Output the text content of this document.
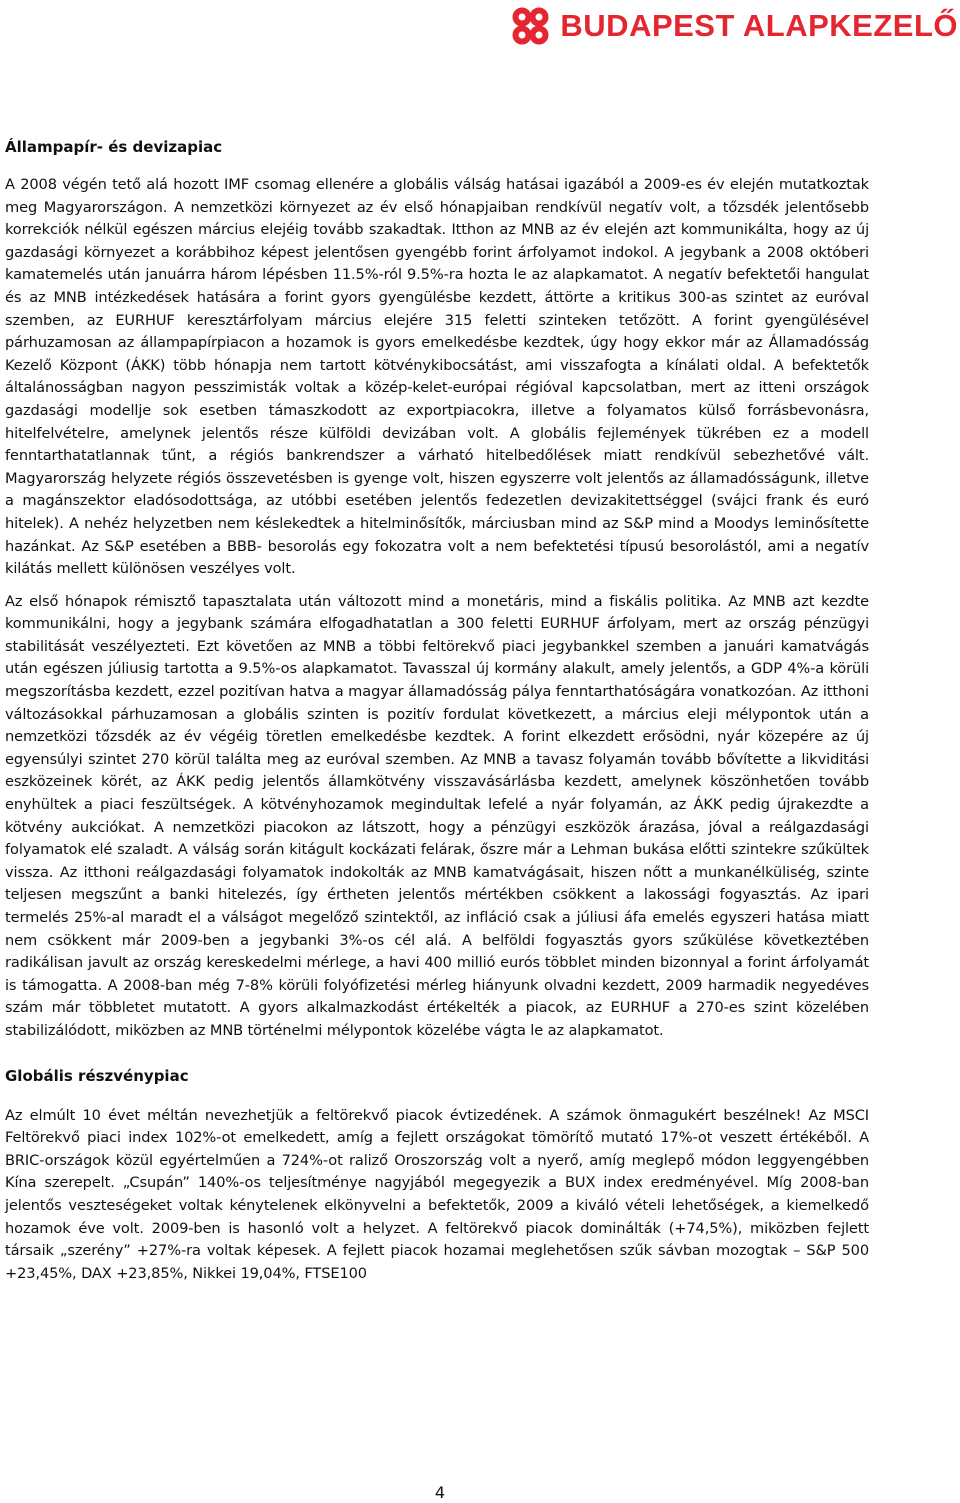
BUDAPEST ALAPKEZELŐ
Állampapír- és devizapiac

A 2008 végén tető alá hozott IMF csomag ellenére a globális válság hatásai igazából a 2009-es év elején mutatkoztak meg Magyarországon. A nemzetközi környezet az év első hónapjaiban rendkívül negatív volt, a tőzsdék jelentősebb korrekciók nélkül egészen március elejéig tovább szakadtak. Itthon az MNB az év elején azt kommunikálta, hogy az új gazdasági környezet a korábbihoz képest jelentősen gyengébb forint árfolyamot indokol. A jegybank a 2008 októberi kamatemelés után januárra három lépésben 11.5%-ról 9.5%-ra hozta le az alapkamatot. A negatív befektetői hangulat és az MNB intézkedések hatására a forint gyors gyengülésbe kezdett, áttörte a kritikus 300-as szintet az euróval szemben, az EURHUF keresztárfolyam március elejére 315 feletti szinteken tetőzött. A forint gyengülésével párhuzamosan az állampapírpiacon a hozamok is gyors emelkedésbe kezdtek, úgy hogy ekkor már az Államadósság Kezelő Központ (ÁKK) több hónapja nem tartott kötvénykibocsátást, ami visszafogta a kínálati oldal. A befektetők általánosságban nagyon pesszimisták voltak a közép-kelet-európai régióval kapcsolatban, mert az itteni országok gazdasági modellje sok esetben támaszkodott az exportpiacokra, illetve a folyamatos külső forrásbevonásra, hitelfelvételre, amelynek jelentős része külföldi devizában volt. A globális fejlemények tükrében ez a modell fenntarthatatlannak tűnt, a régiós bankrendszer a várható hitelbedőlések miatt rendkívül sebezhetővé vált. Magyarország helyzete régiós összevetésben is gyenge volt, hiszen egyszerre volt jelentős az államadósságunk, illetve a magánszektor eladósodottsága, az utóbbi esetében jelentős fedezetlen devizakitettséggel (svájci frank és euró hitelek). A nehéz helyzetben nem késlekedtek a hitelminősítők, márciusban mind az S&P mind a Moodys leminősítette hazánkat. Az S&P esetében a BBB- besorolás egy fokozatra volt a nem befektetési típusú besorolástól, ami a negatív kilátás mellett különösen veszélyes volt.

Az első hónapok rémisztő tapasztalata után változott mind a monetáris, mind a fiskális politika. Az MNB azt kezdte kommunikálni, hogy a jegybank számára elfogadhatatlan a 300 feletti EURHUF árfolyam, mert az ország pénzügyi stabilitását veszélyezteti. Ezt követően az MNB a többi feltörekvő piaci jegybankkel szemben a januári kamatvágás után egészen júliusig tartotta a 9.5%-os alapkamatot. Tavasszal új kormány alakult, amely jelentős, a GDP 4%-a körüli megszorításba kezdett, ezzel pozitívan hatva a magyar államadósság pálya fenntarthatóságára vonatkozóan. Az itthoni változásokkal párhuzamosan a globális szinten is pozitív fordulat következett, a március eleji mélypontok után a nemzetközi tőzsdék az év végéig töretlen emelkedésbe kezdtek. A forint elkezdett erősödni, nyár közepére az új egyensúlyi szintet 270 körül találta meg az euróval szemben. Az MNB a tavasz folyamán tovább bővítette a likviditási eszközeinek körét, az ÁKK pedig jelentős államkötvény visszavásárlásba kezdett, amelynek köszönhetően tovább enyhültek a piaci feszültségek. A kötvényhozamok megindultak lefelé a nyár folyamán, az ÁKK pedig újrakezdte a kötvény aukciókat. A nemzetközi piacokon az látszott, hogy a pénzügyi eszközök árazása, jóval a reálgazdasági folyamatok elé szaladt. A válság során kitágult kockázati felárak, őszre már a Lehman bukása előtti szintekre szűkültek vissza. Az itthoni reálgazdasági folyamatok indokolták az MNB kamatvágásait, hiszen nőtt a munkanélküliség, szinte teljesen megszűnt a banki hitelezés, így értheten jelentős mértékben csökkent a lakossági fogyasztás. Az ipari termelés 25%-al maradt el a válságot megelőző szintektől, az infláció csak a júliusi áfa emelés egyszeri hatása miatt nem csökkent már 2009-ben a jegybanki 3%-os cél alá. A belföldi fogyasztás gyors szűkülése következtében radikálisan javult az ország kereskedelmi mérlege, a havi 400 millió eurós többlet minden bizonnyal a forint árfolyamát is támogatta. A 2008-ban még 7-8% körüli folyófizetési mérleg hiányunk olvadni kezdett, 2009 harmadik negyedéves szám már többletet mutatott. A gyors alkalmazkodást értékelték a piacok, az EURHUF a 270-es szint közelében stabilizálódott, miközben az MNB történelmi mélypontok közelébe vágta le az alapkamatot.

Globális részvénypiac

Az elmúlt 10 évet méltán nevezhetjük a feltörekvő piacok évtizedének. A számok önmagukért beszélnek! Az MSCI Feltörekvő piaci index 102%-ot emelkedett, amíg a fejlett országokat tömörítő mutató 17%-ot veszett értékéből. A BRIC-országok közül egyértelműen a 724%-ot raliző Oroszország volt a nyerő, amíg meglepő módon leggyengébben Kína szerepelt. „Csupán” 140%-os teljesítménye nagyjából megegyezik a BUX index eredményével. Míg 2008-ban jelentős veszteségeket voltak kénytelenek elkönyvelni a befektetők, 2009 a kiváló vételi lehetőségek, a kiemelkedő hozamok éve volt. 2009-ben is hasonló volt a helyzet. A feltörekvő piacok dominálták (+74,5%), miközben fejlett társaik „szerény” +27%-ra voltak képesek. A fejlett piacok hozamai meglehetősen szűk sávban mozogtak – S&P 500 +23,45%, DAX +23,85%, Nikkei 19,04%, FTSE100

4
